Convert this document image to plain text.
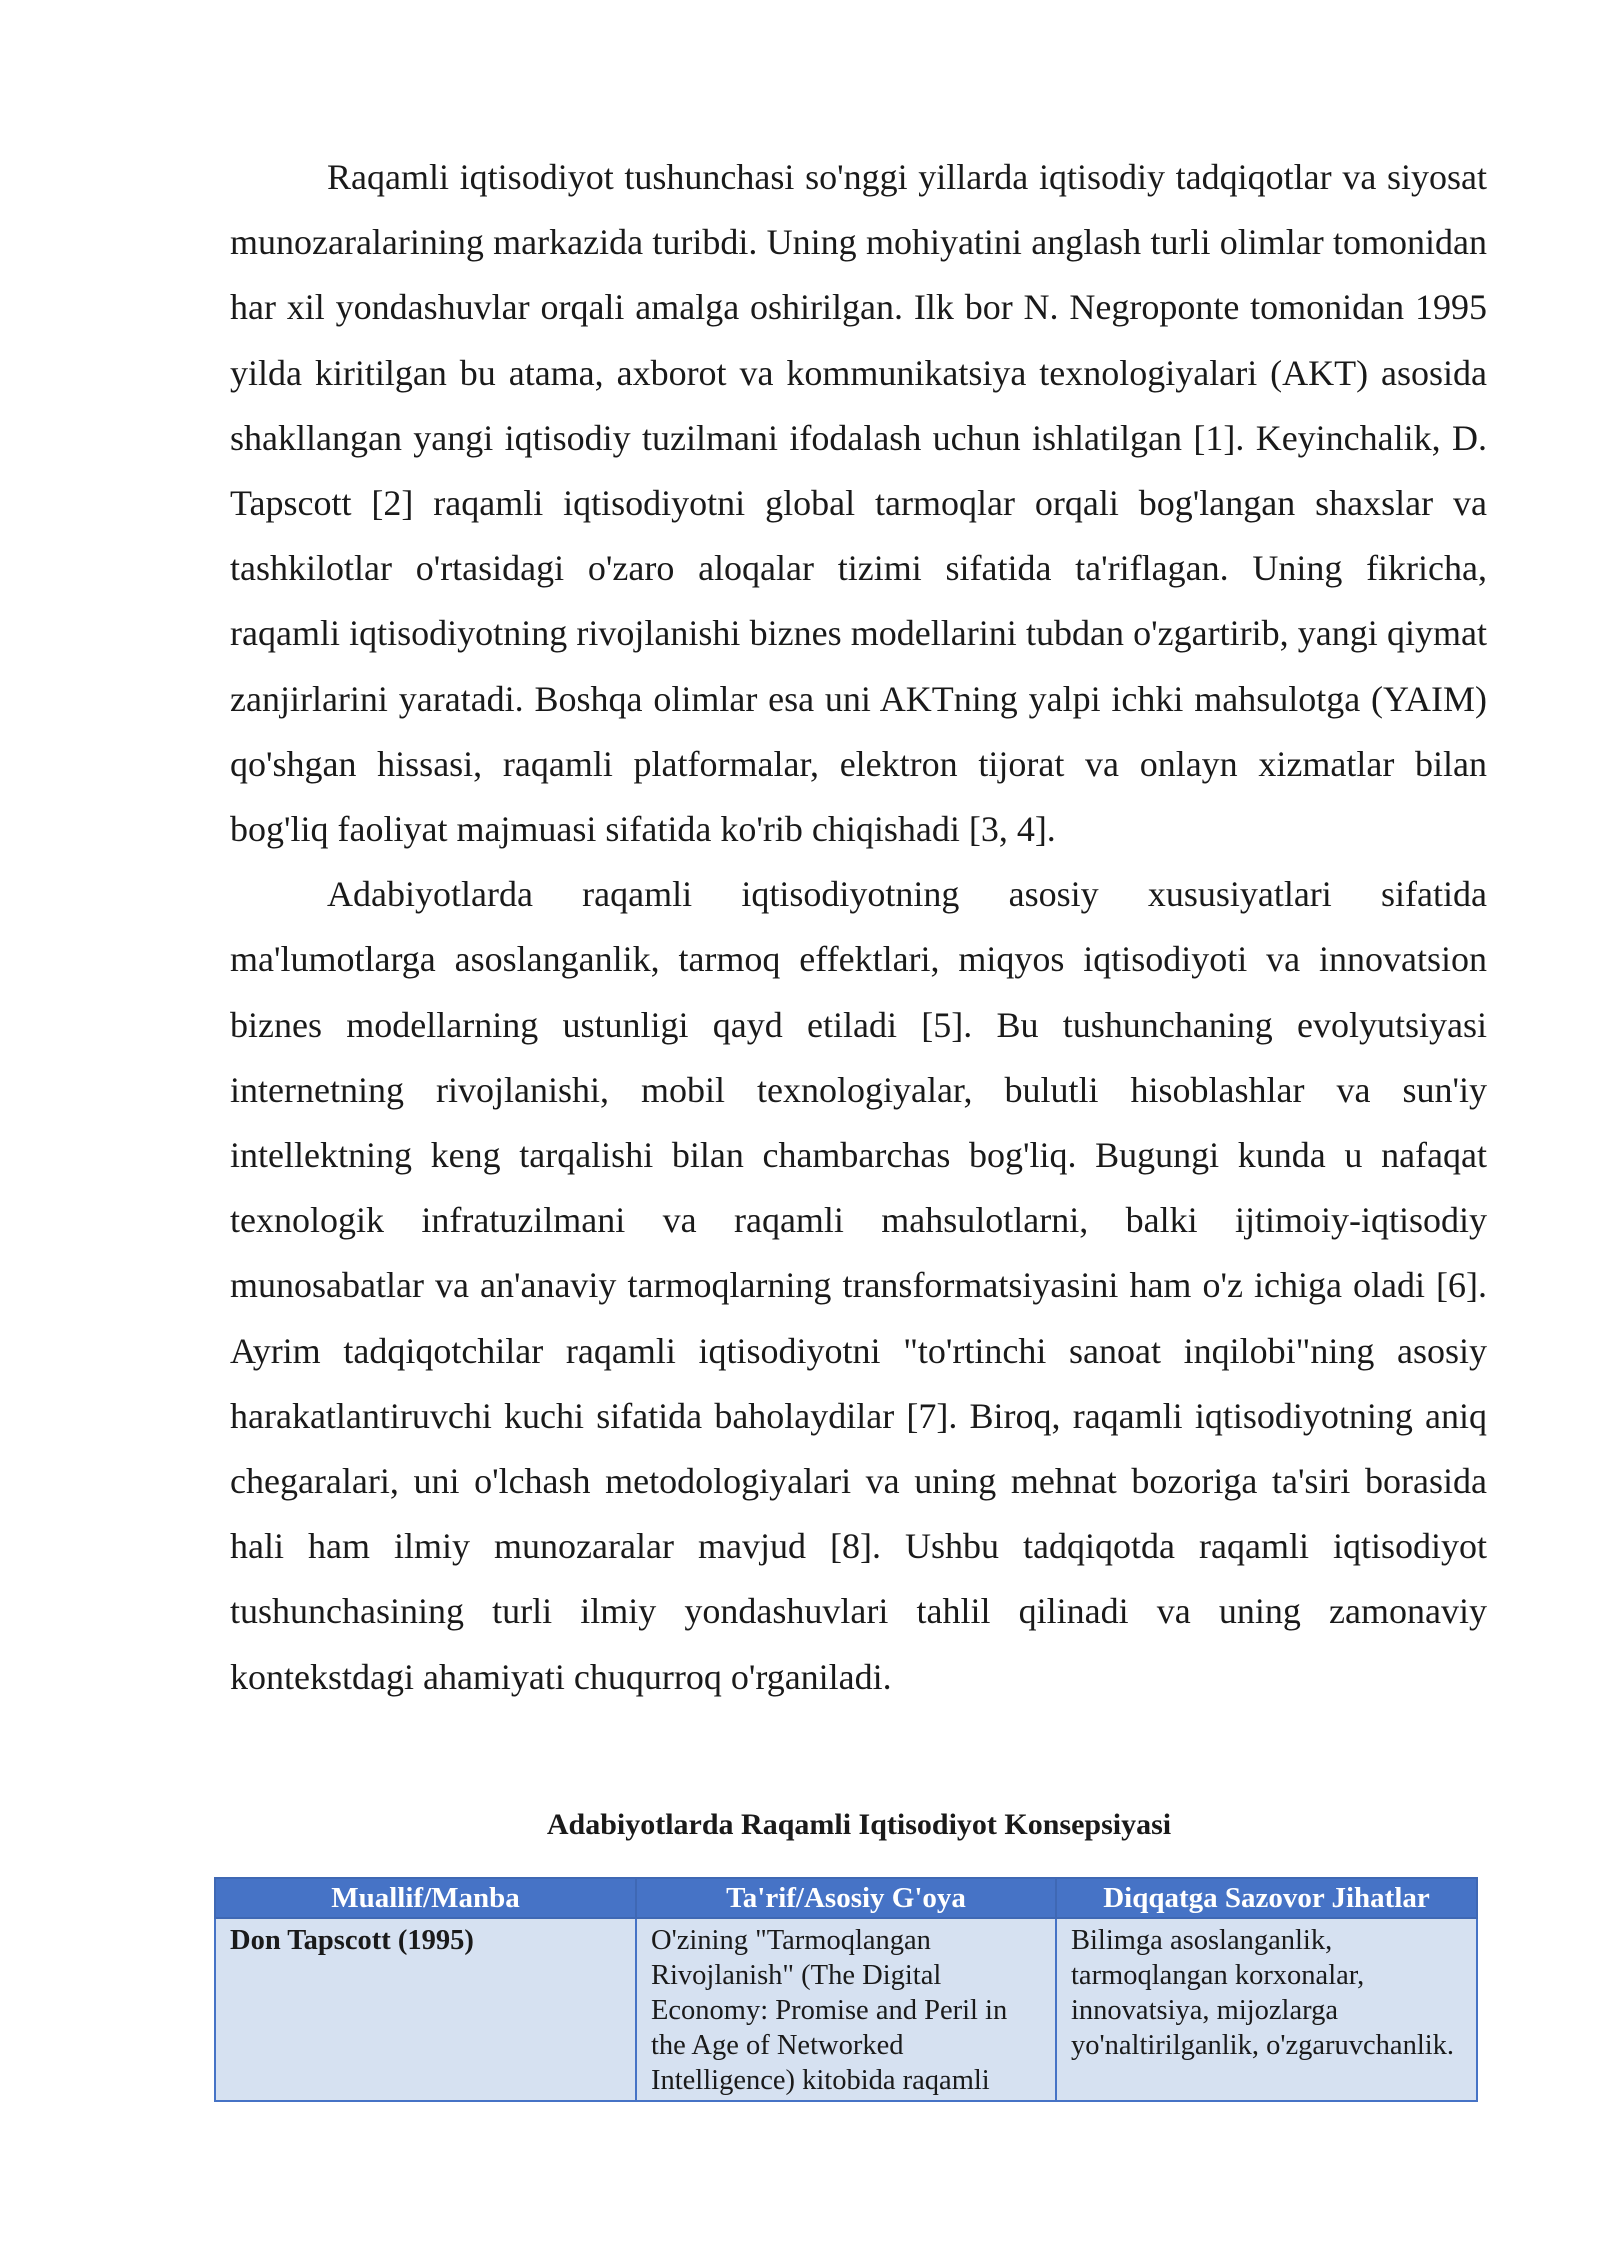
Raqamli iqtisodiyot tushunchasi so'nggi yillarda iqtisodiy tadqiqotlar va siyosat munozaralarining markazida turibdi. Uning mohiyatini anglash turli olimlar tomonidan har xil yondashuvlar orqali amalga oshirilgan. Ilk bor N. Negroponte tomonidan 1995 yilda kiritilgan bu atama, axborot va kommunikatsiya texnologiyalari (AKT) asosida shakllangan yangi iqtisodiy tuzilmani ifodalash uchun ishlatilgan [1]. Keyinchalik, D. Tapscott [2] raqamli iqtisodiyotni global tarmoqlar orqali bog'langan shaxslar va tashkilotlar o'rtasidagi o'zaro aloqalar tizimi sifatida ta'riflagan. Uning fikricha, raqamli iqtisodiyotning rivojlanishi biznes modellarini tubdan o'zgartirib, yangi qiymat zanjirlarini yaratadi. Boshqa olimlar esa uni AKTning yalpi ichki mahsulotga (YAIM) qo'shgan hissasi, raqamli platformalar, elektron tijorat va onlayn xizmatlar bilan bog'liq faoliyat majmuasi sifatida ko'rib chiqishadi [3, 4].

Adabiyotlarda raqamli iqtisodiyotning asosiy xususiyatlari sifatida ma'lumotlarga asoslanganlik, tarmoq effektlari, miqyos iqtisodiyoti va innovatsion biznes modellarning ustunligi qayd etiladi [5]. Bu tushunchaning evolyutsiyasi internetning rivojlanishi, mobil texnologiyalar, bulutli hisoblashlar va sun'iy intellektning keng tarqalishi bilan chambarchas bog'liq. Bugungi kunda u nafaqat texnologik infratuzilmani va raqamli mahsulotlarni, balki ijtimoiy-iqtisodiy munosabatlar va an'anaviy tarmoqlarning transformatsiyasini ham o'z ichiga oladi [6]. Ayrim tadqiqotchilar raqamli iqtisodiyotni "to'rtinchi sanoat inqilobi"ning asosiy harakatlantiruvchi kuchi sifatida baholaydilar [7]. Biroq, raqamli iqtisodiyotning aniq chegaralari, uni o'lchash metodologiyalari va uning mehnat bozoriga ta'siri borasida hali ham ilmiy munozaralar mavjud [8]. Ushbu tadqiqotda raqamli iqtisodiyot tushunchasining turli ilmiy yondashuvlari tahlil qilinadi va uning zamonaviy kontekstdagi ahamiyati chuqurroq o'rganiladi.

Adabiyotlarda Raqamli Iqtisodiyot Konsepsiyasi

Muallif/Manba	Ta'rif/Asosiy G'oya	Diqqatga Sazovor Jihatlar
Don Tapscott (1995)	O'zining "Tarmoqlangan Rivojlanish" (The Digital Economy: Promise and Peril in the Age of Networked Intelligence) kitobida raqamli	Bilimga asoslanganlik, tarmoqlangan korxonalar, innovatsiya, mijozlarga yo'naltirilganlik, o'zgaruvchanlik.
